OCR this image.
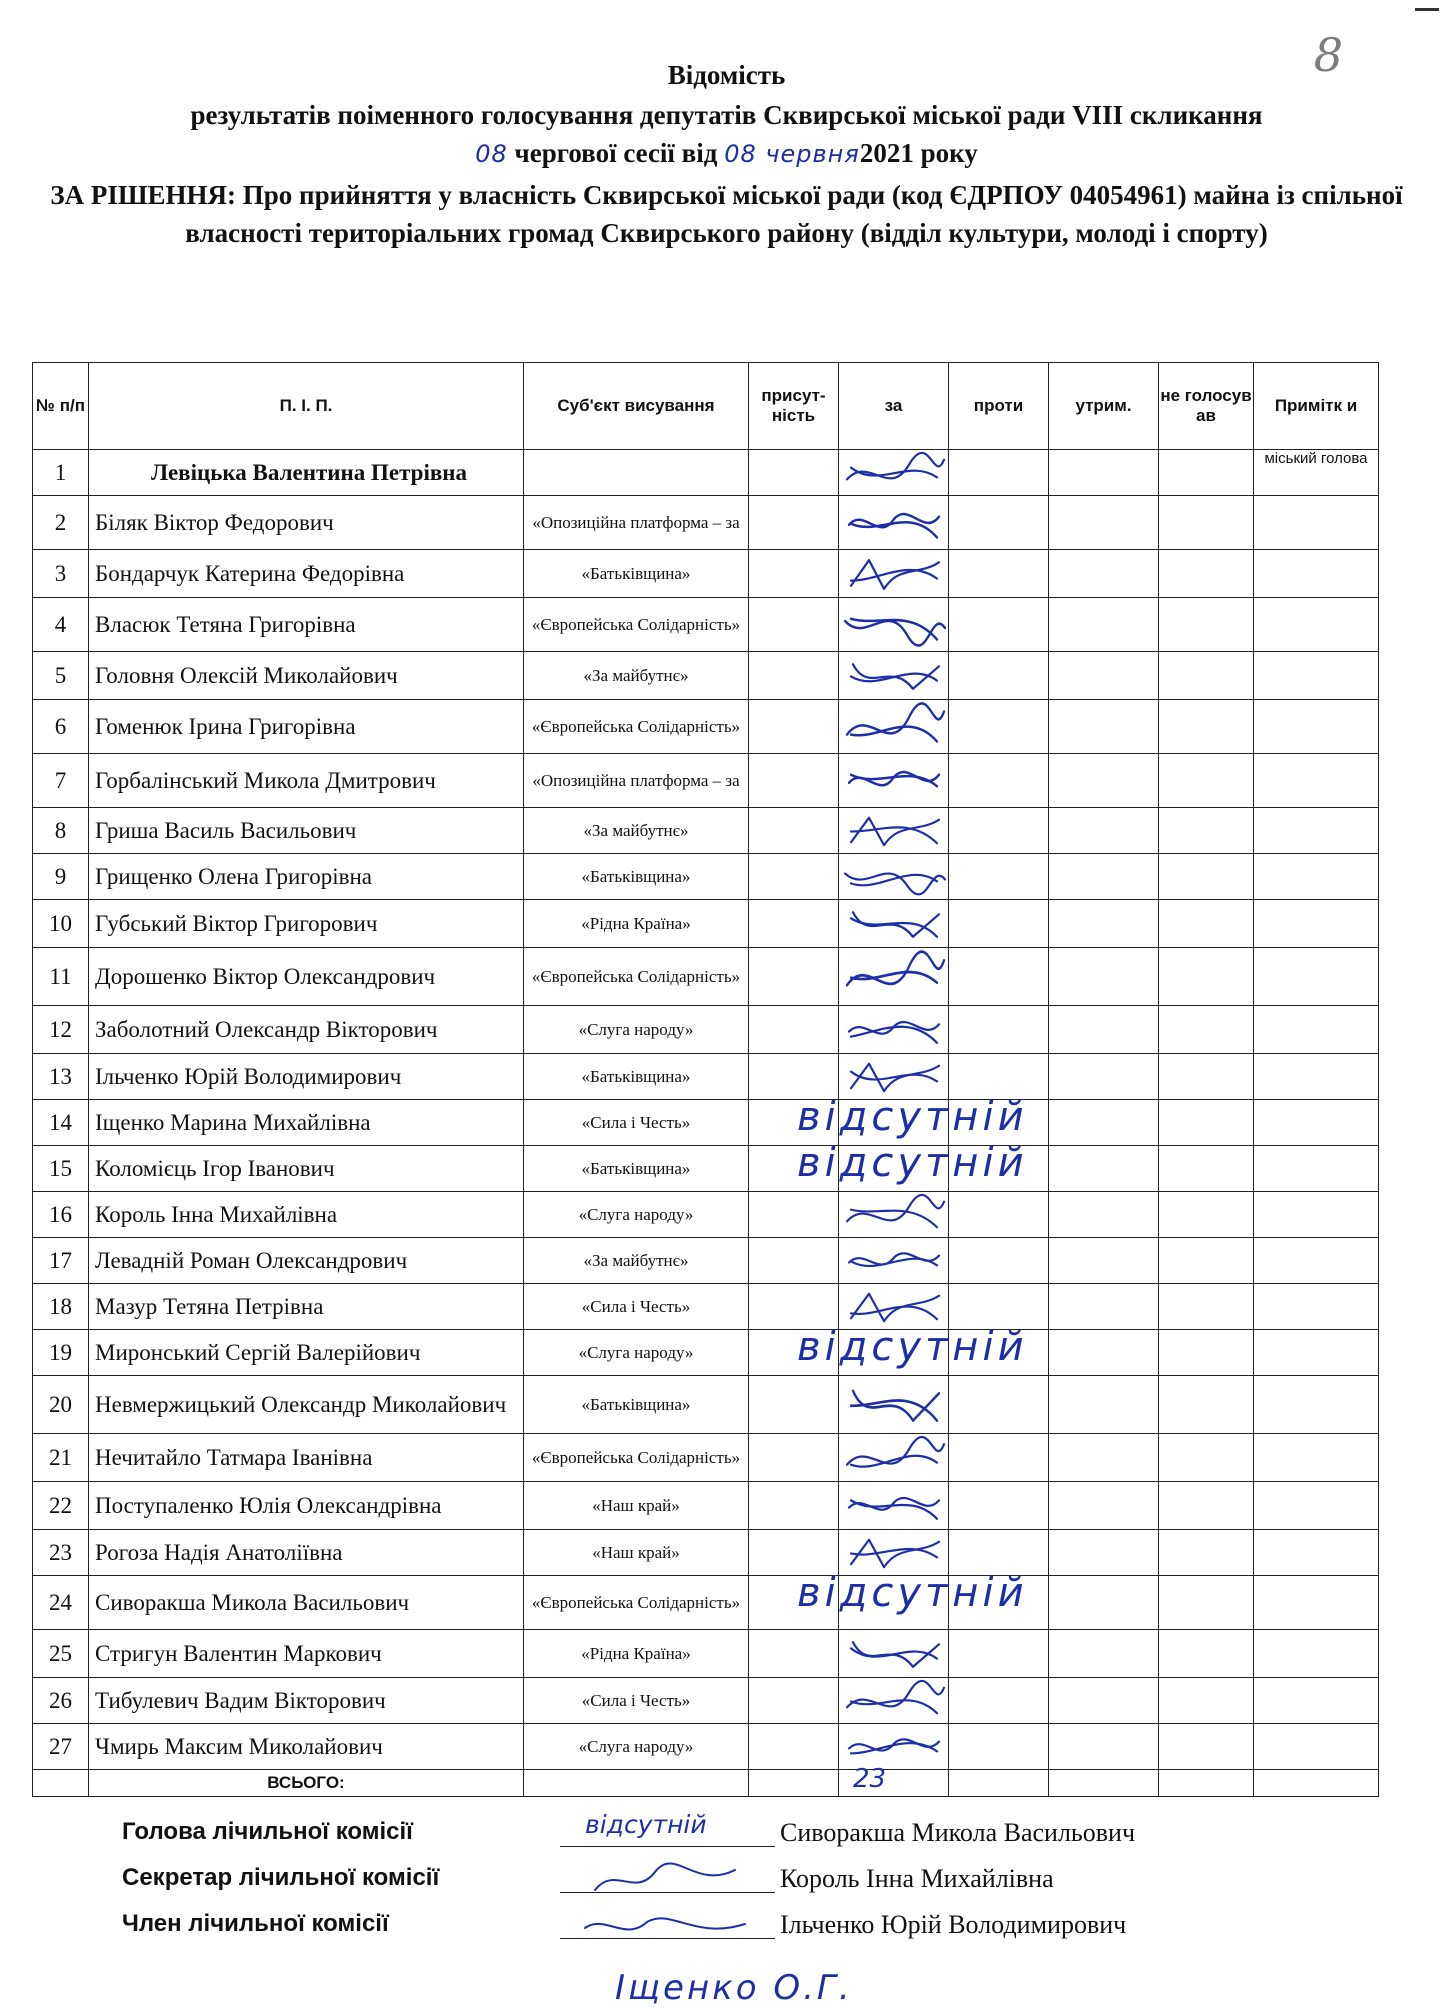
8
Відомість
результатів поіменного голосування депутатів Сквирської міської ради VIII скликання
08 чергової сесії від 08 червня2021 року
ЗА РІШЕННЯ: Про прийняття у власність Сквирської міської ради (код ЄДРПОУ 04054961) майна із спільної власності територіальних громад Сквирського району (відділ культури, молоді і спорту)
№ п/п	П. І. П.	Суб'єкт висування	присут-ність	за	проти	утрим.	не голосув ав	Примітк и
1	Левіцька Валентина Петрівна							міський голова
2	Біляк Віктор Федорович	«Опозиційна платформа – за		

3	Бондарчук Катерина Федорівна	«Батьківщина»		

4	Власюк Тетяна Григорівна	«Європейська Солідарність»		

5	Головня Олексій Миколайович	«За майбутнє»		

6	Гоменюк Ірина Григорівна	«Європейська Солідарність»		

7	Горбалінський Микола Дмитрович	«Опозиційна платформа – за		

8	Гриша Василь Васильович	«За майбутнє»		

9	Грищенко Олена Григорівна	«Батьківщина»		

10	Губський Віктор Григорович	«Рідна Країна»		

11	Дорошенко Віктор Олександрович	«Європейська Солідарність»		

12	Заболотний Олександр Вікторович	«Слуга народу»		

13	Ільченко Юрій Володимирович	«Батьківщина»		

14	Іщенко Марина Михайлівна	«Сила і Честь»		відсутній				

15	Коломієць Ігор Іванович	«Батьківщина»		відсутній				

16	Король Інна Михайлівна	«Слуга народу»		

17	Левадній Роман Олександрович	«За майбутнє»		

18	Мазур Тетяна Петрівна	«Сила і Честь»		

19	Миронський Сергій Валерійович	«Слуга народу»		відсутній				

20	Невмержицький Олександр Миколайович	«Батьківщина»		

21	Нечитайло Татмара Іванівна	«Європейська Солідарність»		

22	Поступаленко Юлія Олександрівна	«Наш край»		

23	Рогоза Надія Анатоліївна	«Наш край»		

24	Сиворакша Микола Васильович	«Європейська Солідарність»		відсутній				

25	Стригун Валентин Маркович	«Рідна Країна»		

26	Тибулевич Вадим Вікторович	«Сила і Честь»		

27	Чмирь Максим Миколайович	«Слуга народу»		

	ВСЬОГО:			23				

Голова лічильної комісії	відсутній	Сиворакша Микола Васильович
Секретар лічильної комісії	Король Інна Михайлівна
Член лічильної комісії	Ільченко Юрій Володимирович
Іщенко О.Г.
